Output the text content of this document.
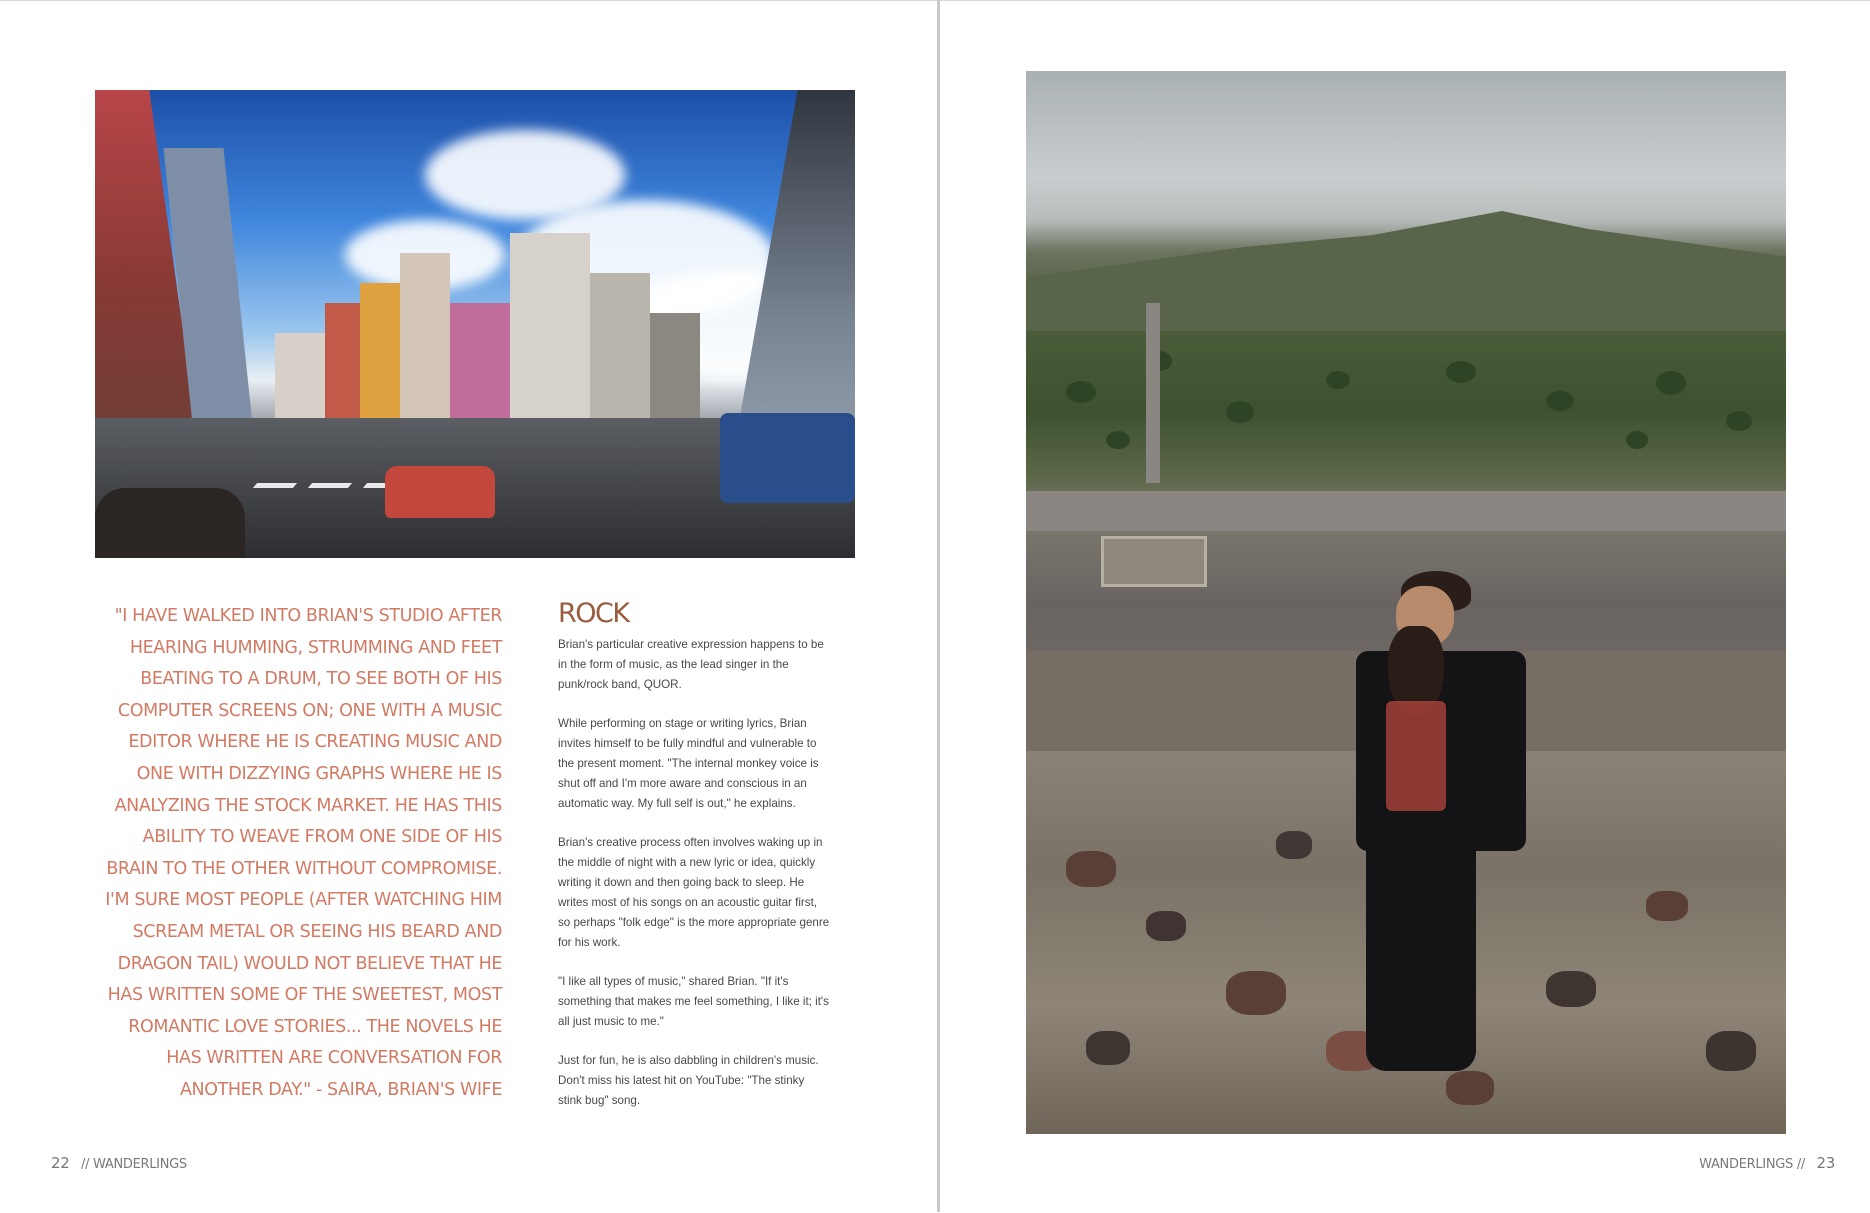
"I HAVE WALKED INTO BRIAN'S STUDIO AFTER HEARING HUMMING, STRUMMING AND FEET BEATING TO A DRUM, TO SEE BOTH OF HIS COMPUTER SCREENS ON; ONE WITH A MUSIC EDITOR WHERE HE IS CREATING MUSIC AND ONE WITH DIZZYING GRAPHS WHERE HE IS ANALYZING THE STOCK MARKET. HE HAS THIS ABILITY TO WEAVE FROM ONE SIDE OF HIS BRAIN TO THE OTHER WITHOUT COMPROMISE. I'M SURE MOST PEOPLE (AFTER WATCHING HIM SCREAM METAL OR SEEING HIS BEARD AND DRAGON TAIL) WOULD NOT BELIEVE THAT HE HAS WRITTEN SOME OF THE SWEETEST, MOST ROMANTIC LOVE STORIES... THE NOVELS HE HAS WRITTEN ARE CONVERSATION FOR ANOTHER DAY." - SAIRA, BRIAN'S WIFE
ROCK

Brian's particular creative expression happens to be in the form of music, as the lead singer in the punk/rock band, QUOR.

While performing on stage or writing lyrics, Brian invites himself to be fully mindful and vulnerable to the present moment. "The internal monkey voice is shut off and I'm more aware and conscious in an automatic way. My full self is out," he explains.

Brian's creative process often involves waking up in the middle of night with a new lyric or idea, quickly writing it down and then going back to sleep. He writes most of his songs on an acoustic guitar first, so perhaps "folk edge" is the more appropriate genre for his work.

"I like all types of music," shared Brian. "If it's something that makes me feel something, I like it; it's all just music to me."

Just for fun, he is also dabbling in children's music. Don't miss his latest hit on YouTube: "The stinky stink bug" song.

22 // WANDERLINGS	WANDERLINGS // 23
